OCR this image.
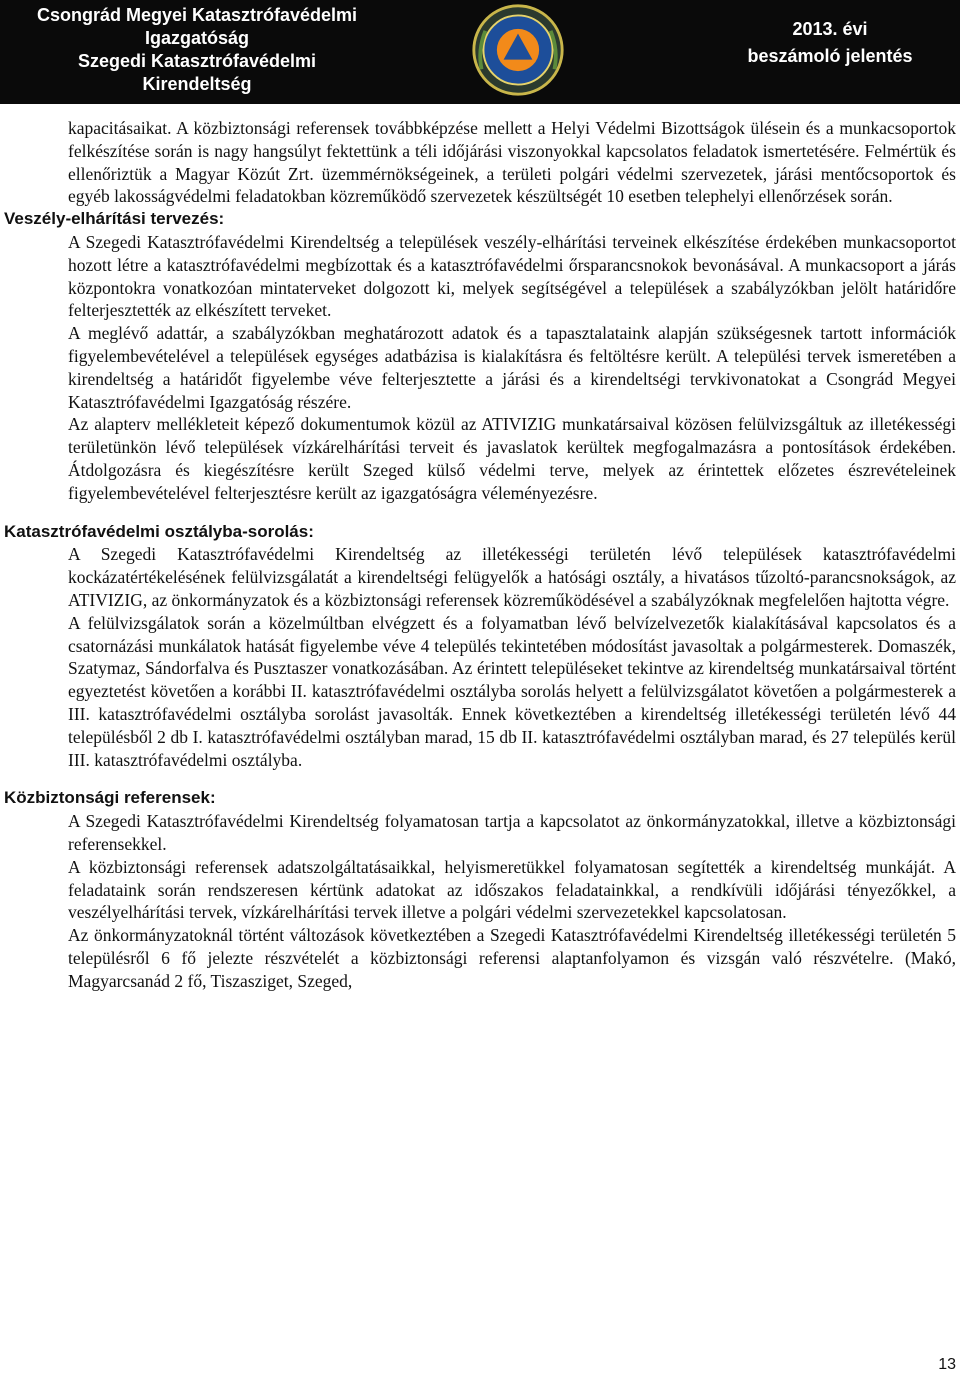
Csongrád Megyei Katasztrófavédelmi
Igazgatóság
Szegedi Katasztrófavédelmi
Kirendeltség
2013. évi
beszámoló jelentés

kapacitásaikat. A közbiztonsági referensek továbbképzése mellett a Helyi Védelmi Bizottságok ülésein és a munkacsoportok felkészítése során is nagy hangsúlyt fektettünk a téli időjárási viszonyokkal kapcsolatos feladatok ismertetésére. Felmértük és ellenőriztük a Magyar Közút Zrt. üzemmérnökségeinek, a területi polgári védelmi szervezetek, járási mentőcsoportok és egyéb lakosságvédelmi feladatokban közreműködő szervezetek készültségét 10 esetben telephelyi ellenőrzések során.

Veszély-elhárítási tervezés:

A Szegedi Katasztrófavédelmi Kirendeltség a települések veszély-elhárítási terveinek elkészítése érdekében munkacsoportot hozott létre a katasztrófavédelmi megbízottak és a katasztrófavédelmi őrsparancsnokok bevonásával. A munkacsoport a járás központokra vonatkozóan mintaterveket dolgozott ki, melyek segítségével a települések a szabályzókban jelölt határidőre felterjesztették az elkészített terveket.

A meglévő adattár, a szabályzókban meghatározott adatok és a tapasztalataink alapján szükségesnek tartott információk figyelembevételével a települések egységes adatbázisa is kialakításra és feltöltésre került. A települési tervek ismeretében a kirendeltség a határidőt figyelembe véve felterjesztette a járási és a kirendeltségi tervkivonatokat a Csongrád Megyei Katasztrófavédelmi Igazgatóság részére.

Az alapterv mellékleteit képező dokumentumok közül az ATIVIZIG munkatársaival közösen felülvizsgáltuk az illetékességi területünkön lévő települések vízkárelhárítási terveit és javaslatok kerültek megfogalmazásra a pontosítások érdekében. Átdolgozásra és kiegészítésre került Szeged külső védelmi terve, melyek az érintettek előzetes észrevételeinek figyelembevételével felterjesztésre került az igazgatóságra véleményezésre.

Katasztrófavédelmi osztályba-sorolás:

A Szegedi Katasztrófavédelmi Kirendeltség az illetékességi területén lévő települések katasztrófavédelmi kockázatértékelésének felülvizsgálatát a kirendeltségi felügyelők a hatósági osztály, a hivatásos tűzoltó-parancsnokságok, az ATIVIZIG, az önkormányzatok és a közbiztonsági referensek közreműködésével a szabályzóknak megfelelően hajtotta végre.

A felülvizsgálatok során a közelmúltban elvégzett és a folyamatban lévő belvízelvezetők kialakításával kapcsolatos és a csatornázási munkálatok hatását figyelembe véve 4 település tekintetében módosítást javasoltak a polgármesterek. Domaszék, Szatymaz, Sándorfalva és Pusztaszer vonatkozásában. Az érintett településeket tekintve az kirendeltség munkatársaival történt egyeztetést követően a korábbi II. katasztrófavédelmi osztályba sorolás helyett a felülvizsgálatot követően a polgármesterek a III. katasztrófavédelmi osztályba sorolást javasolták. Ennek következtében a kirendeltség illetékességi területén lévő 44 településből 2 db I. katasztrófavédelmi osztályban marad, 15 db II. katasztrófavédelmi osztályban marad, és 27 település kerül III. katasztrófavédelmi osztályba.

Közbiztonsági referensek:

A Szegedi Katasztrófavédelmi Kirendeltség folyamatosan tartja a kapcsolatot az önkormányzatokkal, illetve a közbiztonsági referensekkel.

A közbiztonsági referensek adatszolgáltatásaikkal, helyismeretükkel folyamatosan segítették a kirendeltség munkáját. A feladataink során rendszeresen kértünk adatokat az időszakos feladatainkkal, a rendkívüli időjárási tényezőkkel, a veszélyelhárítási tervek, vízkárelhárítási tervek illetve a polgári védelmi szervezetekkel kapcsolatosan.

Az önkormányzatoknál történt változások következtében a Szegedi Katasztrófavédelmi Kirendeltség illetékességi területén 5 településről 6 fő jelezte részvételét a közbiztonsági referensi alaptanfolyamon és vizsgán való részvételre. (Makó, Magyarcsanád 2 fő, Tiszasziget, Szeged,

13
